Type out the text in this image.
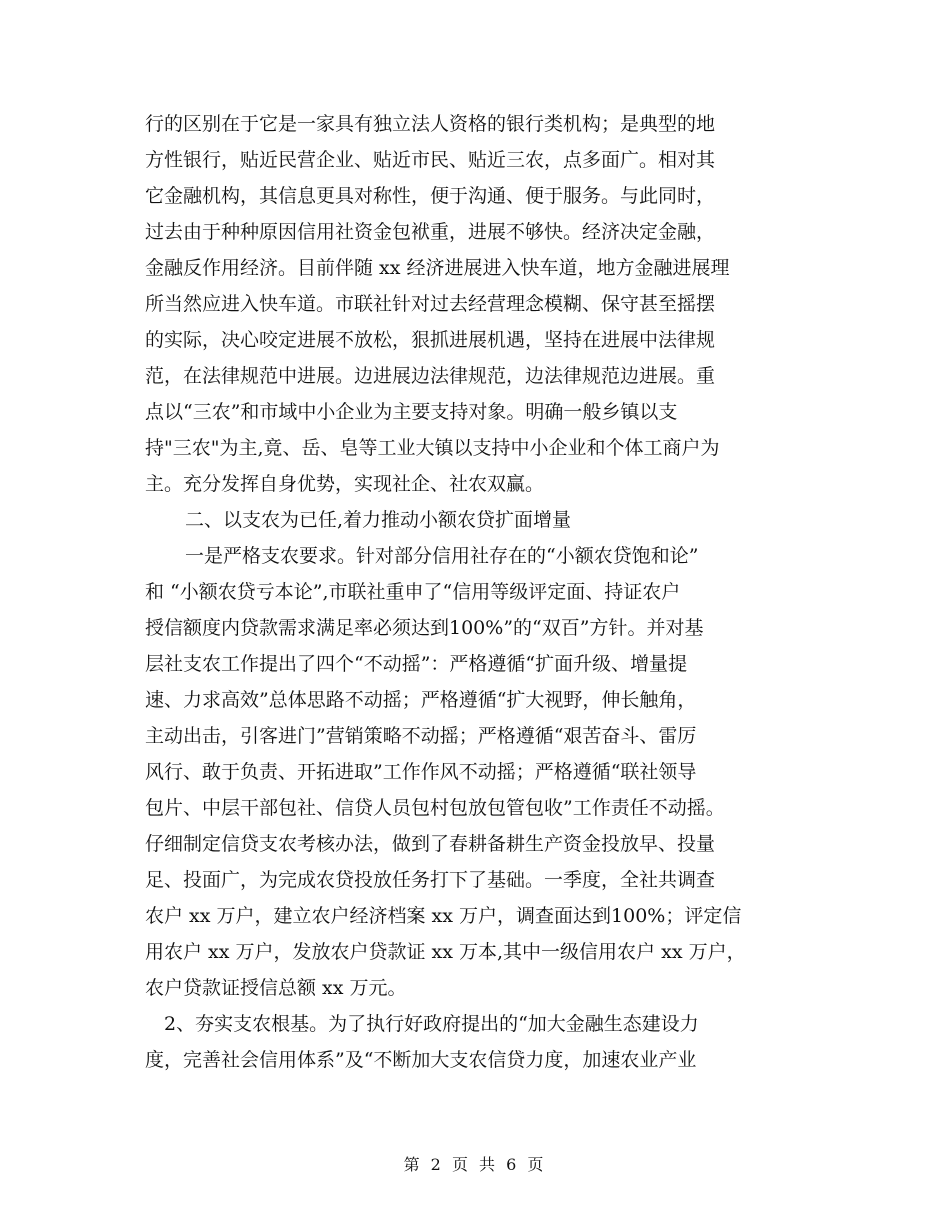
行的区别在于它是一家具有独立法人资格的银行类机构；是典型的地
方性银行，贴近民营企业、贴近市民、贴近三农，点多面广。相对其
它金融机构，其信息更具对称性，便于沟通、便于服务。与此同时，
过去由于种种原因信用社资金包袱重，进展不够快。经济决定金融，
金融反作用经济。目前伴随 xx 经济进展进入快车道，地方金融进展理
所当然应进入快车道。市联社针对过去经营理念模糊、保守甚至摇摆
的实际，决心咬定进展不放松，狠抓进展机遇，坚持在进展中法律规
范，在法律规范中进展。边进展边法律规范，边法律规范边进展。重
点以“三农”和市域中小企业为主要支持对象。明确一般乡镇以支
持"三农"为主,竟、岳、皂等工业大镇以支持中小企业和个体工商户为
主。充分发挥自身优势，实现社企、社农双赢。
二、以支农为已任,着力推动小额农贷扩面增量
一是严格支农要求。针对部分信用社存在的“小额农贷饱和论”
和 “小额农贷亏本论”,市联社重申了“信用等级评定面、持证农户
授信额度内贷款需求满足率必须达到100%”的“双百”方针。并对基
层社支农工作提出了四个“不动摇”：严格遵循“扩面升级、增量提
速、力求高效”总体思路不动摇；严格遵循“扩大视野，伸长触角，
主动出击，引客进门”营销策略不动摇；严格遵循“艰苦奋斗、雷厉
风行、敢于负责、开拓进取”工作作风不动摇；严格遵循“联社领导
包片、中层干部包社、信贷人员包村包放包管包收”工作责任不动摇。
仔细制定信贷支农考核办法，做到了春耕备耕生产资金投放早、投量
足、投面广，为完成农贷投放任务打下了基础。一季度，全社共调查
农户 xx 万户，建立农户经济档案 xx 万户，调查面达到100%；评定信
用农户 xx 万户，发放农户贷款证 xx 万本,其中一级信用农户 xx 万户，
农户贷款证授信总额 xx 万元。
2、夯实支农根基。为了执行好政府提出的“加大金融生态建设力
度，完善社会信用体系”及“不断加大支农信贷力度，加速农业产业
第 2 页 共 6 页
